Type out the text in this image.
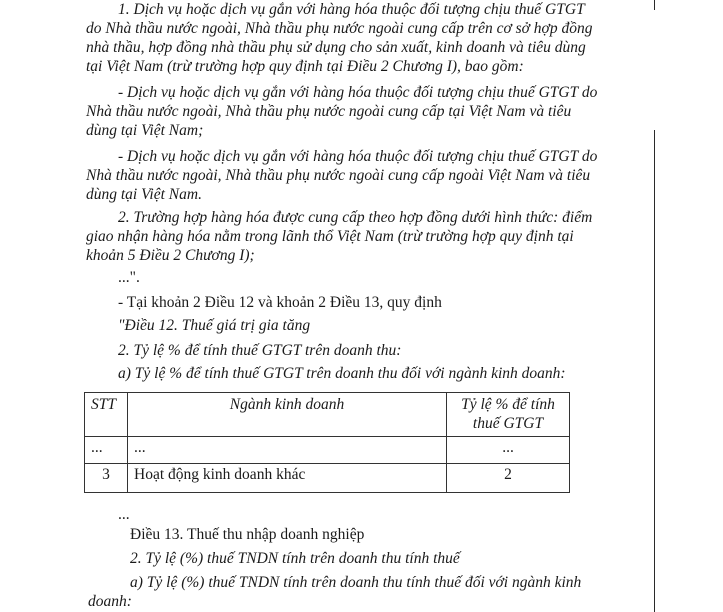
1. Dịch vụ hoặc dịch vụ gắn với hàng hóa thuộc đối tượng chịu thuế GTGT
do Nhà thầu nước ngoài, Nhà thầu phụ nước ngoài cung cấp trên cơ sở hợp đồng
nhà thầu, hợp đồng nhà thầu phụ sử dụng cho sản xuất, kinh doanh và tiêu dùng
tại Việt Nam (trừ trường hợp quy định tại Điều 2 Chương I), bao gồm:
- Dịch vụ hoặc dịch vụ gắn với hàng hóa thuộc đối tượng chịu thuế GTGT do
Nhà thầu nước ngoài, Nhà thầu phụ nước ngoài cung cấp tại Việt Nam và tiêu
dùng tại Việt Nam;
- Dịch vụ hoặc dịch vụ gắn với hàng hóa thuộc đối tượng chịu thuế GTGT do
Nhà thầu nước ngoài, Nhà thầu phụ nước ngoài cung cấp ngoài Việt Nam và tiêu
dùng tại Việt Nam.
2. Trường hợp hàng hóa được cung cấp theo hợp đồng dưới hình thức: điểm
giao nhận hàng hóa nằm trong lãnh thổ Việt Nam (trừ trường hợp quy định tại
khoản 5 Điều 2 Chương I);
...".
- Tại khoản 2 Điều 12 và khoản 2 Điều 13, quy định
"Điều 12. Thuế giá trị gia tăng
2. Tỷ lệ % để tính thuế GTGT trên doanh thu:
a) Tỷ lệ % để tính thuế GTGT trên doanh thu đối với ngành kinh doanh:
STT	Ngành kinh doanh	Tỷ lệ % để tính
thuế GTGT
...	...	...
3	Hoạt động kinh doanh khác	2
...
Điều 13. Thuế thu nhập doanh nghiệp
2. Tỷ lệ (%) thuế TNDN tính trên doanh thu tính thuế
a) Tỷ lệ (%) thuế TNDN tính trên doanh thu tính thuế đối với ngành kinh
doanh:
